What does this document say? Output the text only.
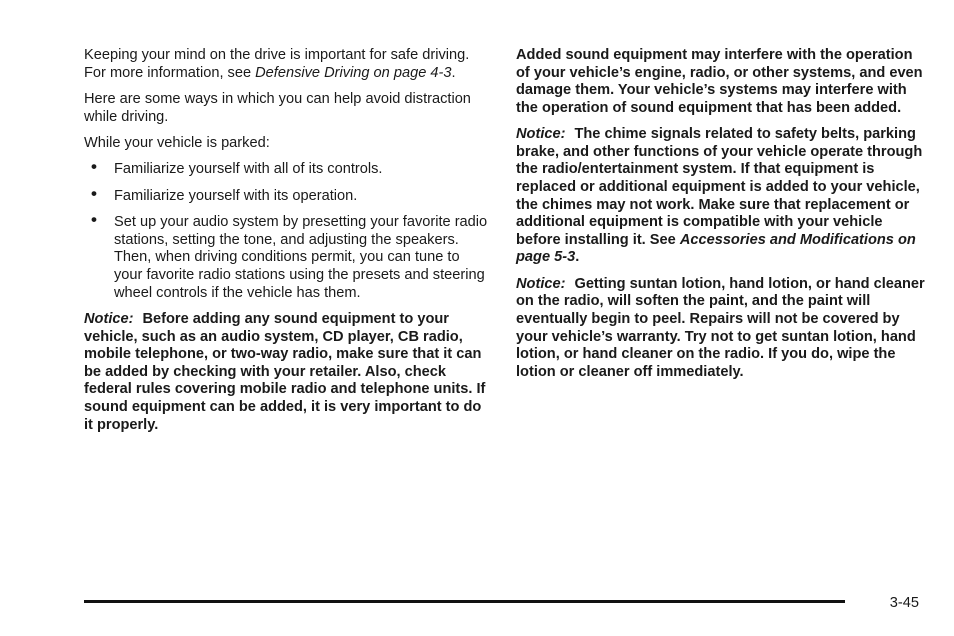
Keeping your mind on the drive is important for safe driving. For more information, see Defensive Driving on page 4-3.

Here are some ways in which you can help avoid distraction while driving.

While your vehicle is parked:

• Familiarize yourself with all of its controls.
• Familiarize yourself with its operation.
• Set up your audio system by presetting your favorite radio stations, setting the tone, and adjusting the speakers. Then, when driving conditions permit, you can tune to your favorite radio stations using the presets and steering wheel controls if the vehicle has them.

Notice: Before adding any sound equipment to your vehicle, such as an audio system, CD player, CB radio, mobile telephone, or two-way radio, make sure that it can be added by checking with your retailer. Also, check federal rules covering mobile radio and telephone units. If sound equipment can be added, it is very important to do it properly.

Added sound equipment may interfere with the operation of your vehicle’s engine, radio, or other systems, and even damage them. Your vehicle’s systems may interfere with the operation of sound equipment that has been added.

Notice: The chime signals related to safety belts, parking brake, and other functions of your vehicle operate through the radio/entertainment system. If that equipment is replaced or additional equipment is added to your vehicle, the chimes may not work. Make sure that replacement or additional equipment is compatible with your vehicle before installing it. See Accessories and Modifications on page 5-3.

Notice: Getting suntan lotion, hand lotion, or hand cleaner on the radio, will soften the paint, and the paint will eventually begin to peel. Repairs will not be covered by your vehicle’s warranty. Try not to get suntan lotion, hand lotion, or hand cleaner on the radio. If you do, wipe the lotion or cleaner off immediately.

3-45
